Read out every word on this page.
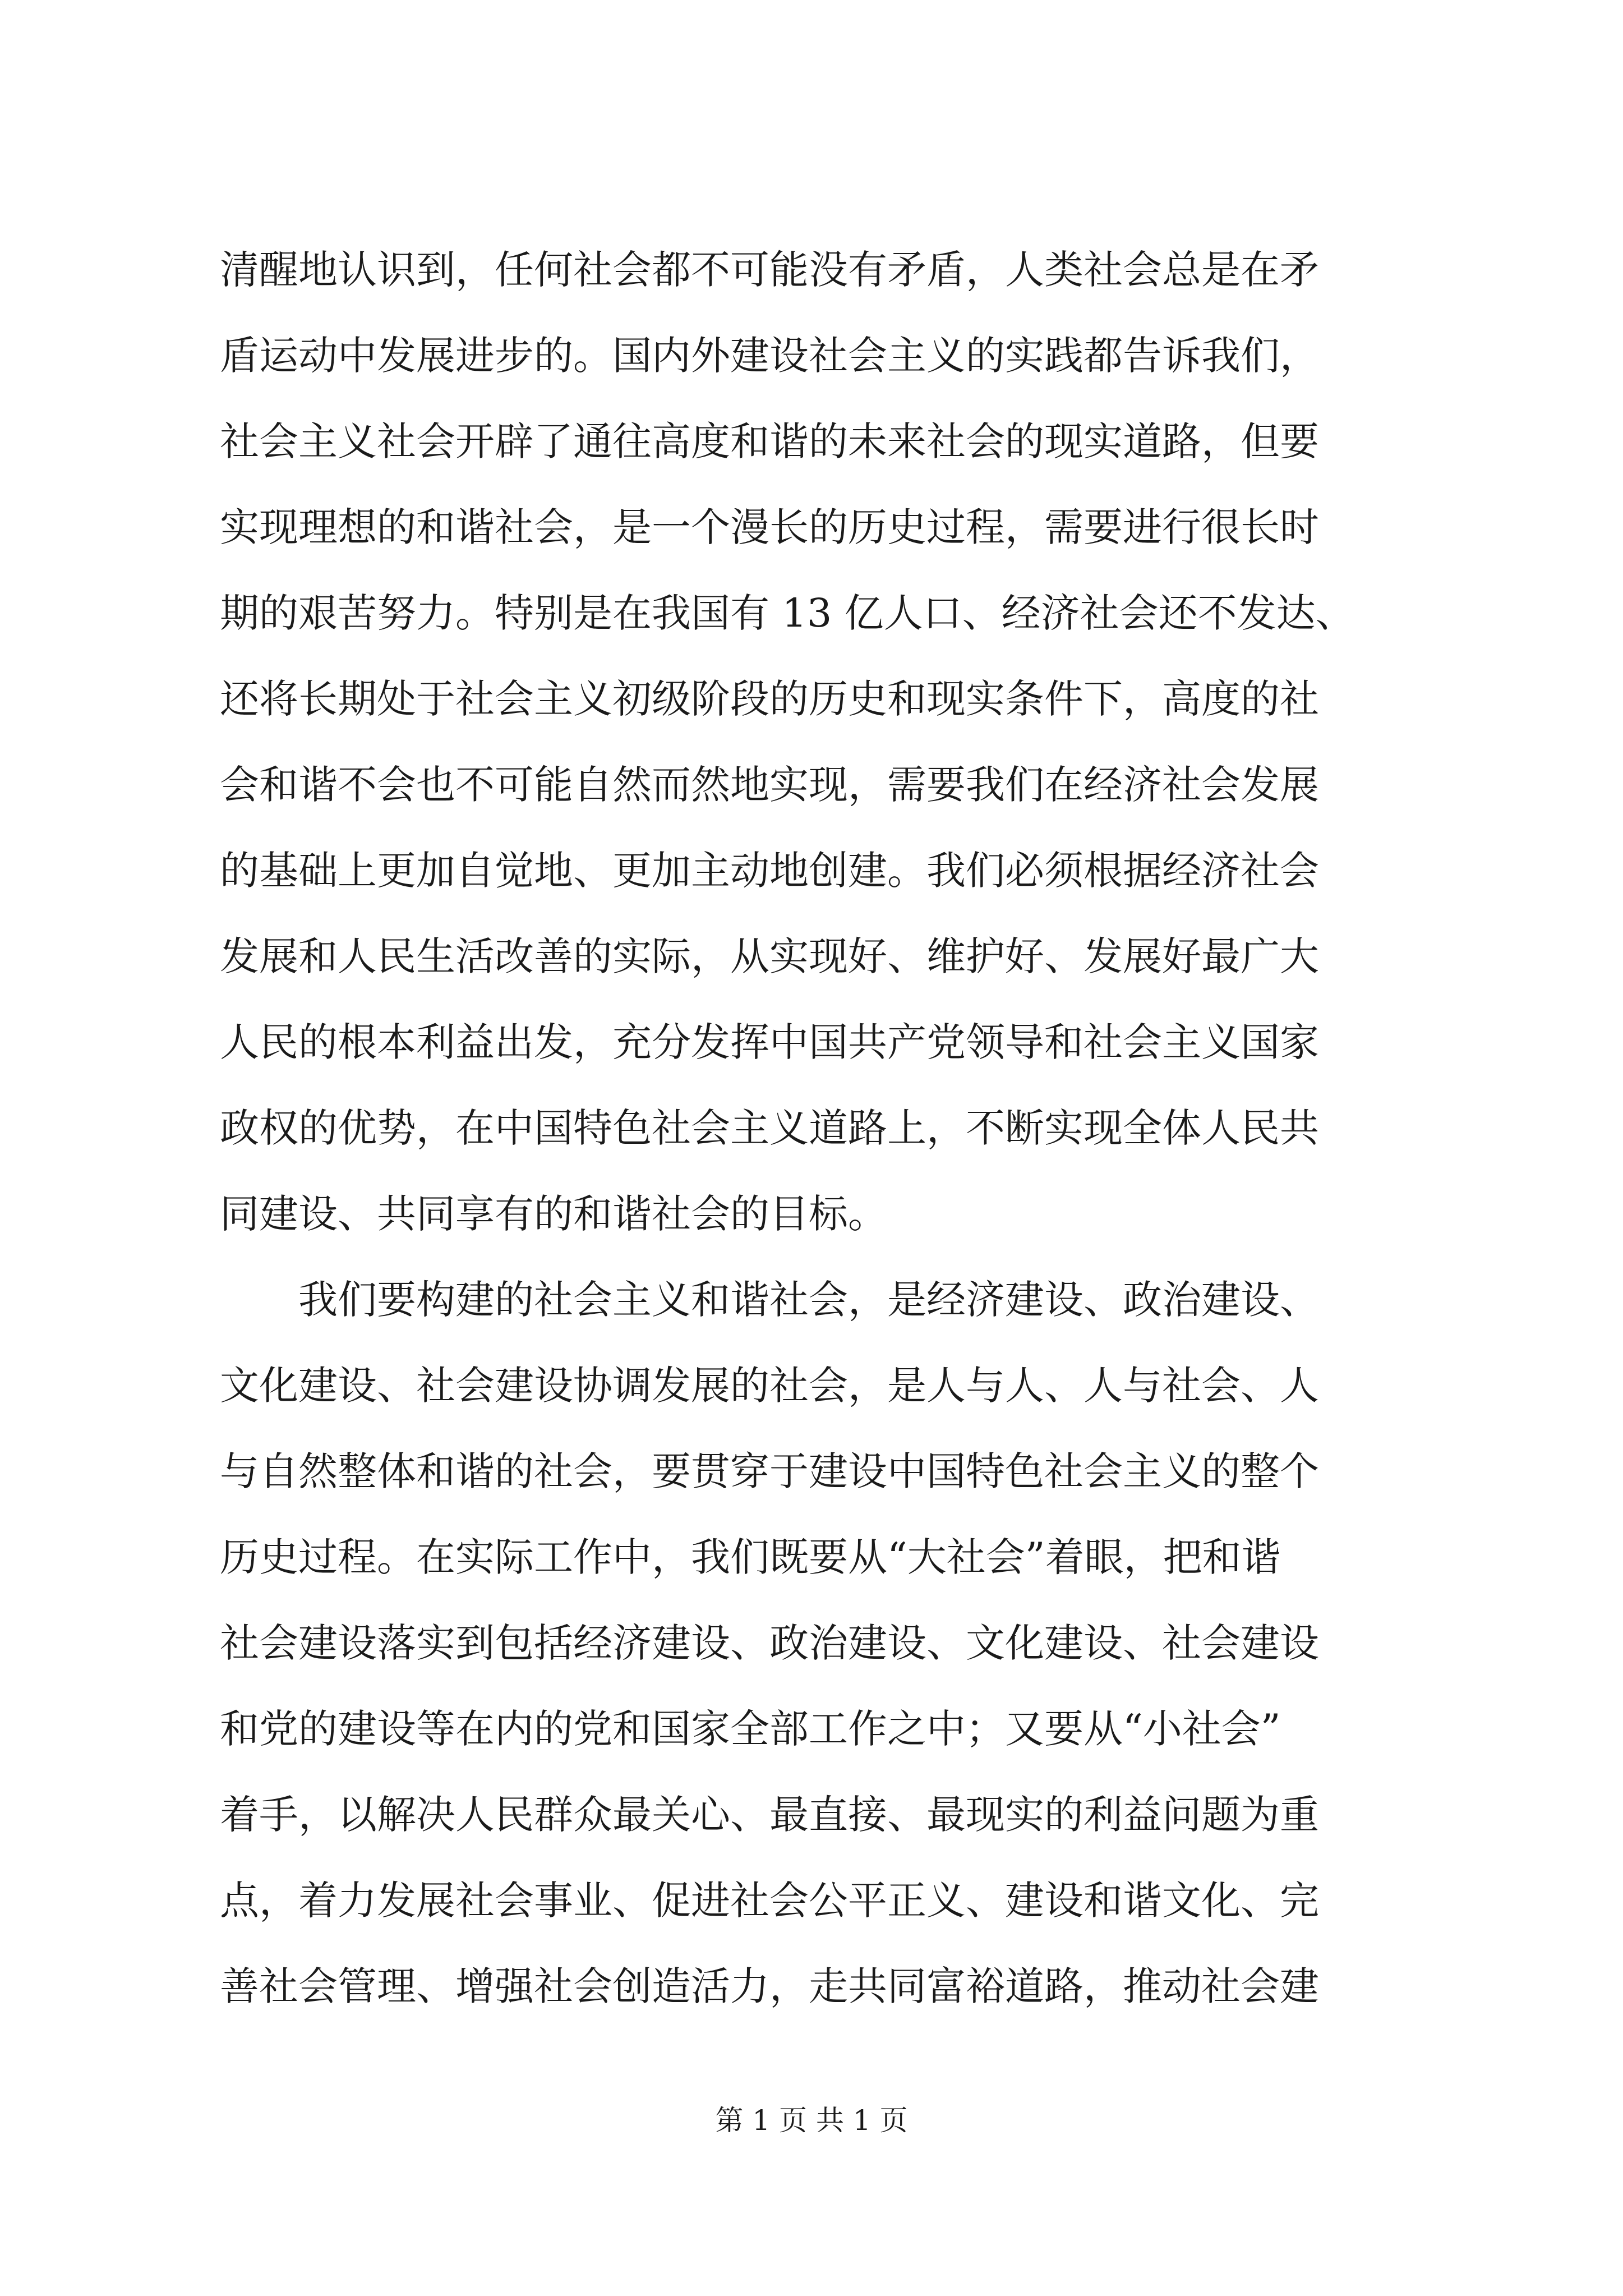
清醒地认识到，任何社会都不可能没有矛盾，人类社会总是在矛
盾运动中发展进步的。国内外建设社会主义的实践都告诉我们，
社会主义社会开辟了通往高度和谐的未来社会的现实道路，但要
实现理想的和谐社会，是一个漫长的历史过程，需要进行很长时
期的艰苦努力。特别是在我国有 13 亿人口、经济社会还不发达、
还将长期处于社会主义初级阶段的历史和现实条件下，高度的社
会和谐不会也不可能自然而然地实现，需要我们在经济社会发展
的基础上更加自觉地、更加主动地创建。我们必须根据经济社会
发展和人民生活改善的实际，从实现好、维护好、发展好最广大
人民的根本利益出发，充分发挥中国共产党领导和社会主义国家
政权的优势，在中国特色社会主义道路上，不断实现全体人民共
同建设、共同享有的和谐社会的目标。
　　我们要构建的社会主义和谐社会，是经济建设、政治建设、
文化建设、社会建设协调发展的社会，是人与人、人与社会、人
与自然整体和谐的社会，要贯穿于建设中国特色社会主义的整个
历史过程。在实际工作中，我们既要从“大社会”着眼，把和谐
社会建设落实到包括经济建设、政治建设、文化建设、社会建设
和党的建设等在内的党和国家全部工作之中；又要从“小社会”
着手，以解决人民群众最关心、最直接、最现实的利益问题为重
点，着力发展社会事业、促进社会公平正义、建设和谐文化、完
善社会管理、增强社会创造活力，走共同富裕道路，推动社会建
第 1 页 共 1 页
